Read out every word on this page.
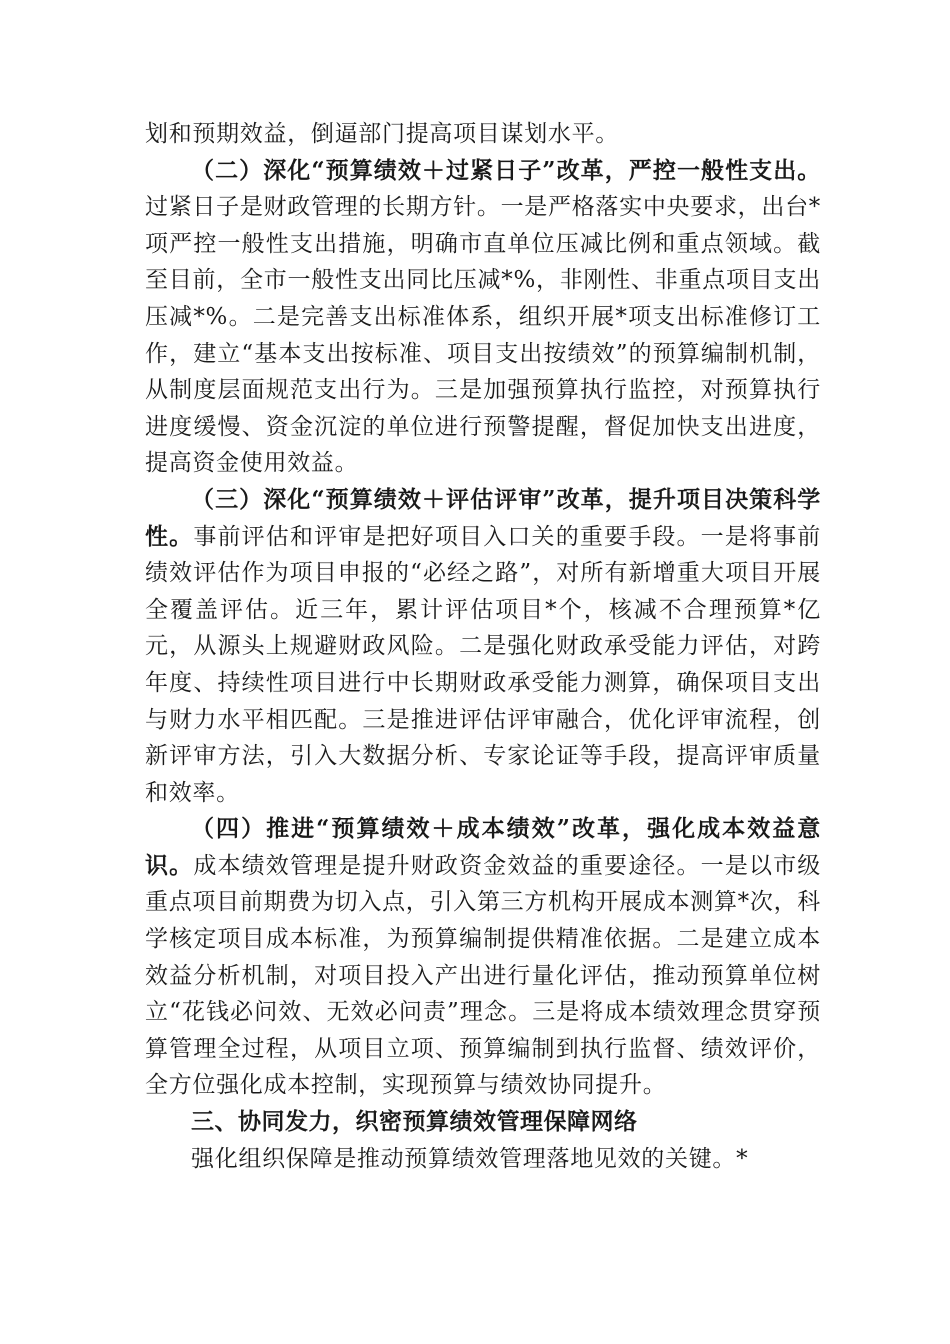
划和预期效益，倒逼部门提高项目谋划水平。

（二）深化“预算绩效＋过紧日子”改革，严控一般性支出。过紧日子是财政管理的长期方针。一是严格落实中央要求，出台*项严控一般性支出措施，明确市直单位压减比例和重点领域。截至目前，全市一般性支出同比压减*%，非刚性、非重点项目支出压减*%。二是完善支出标准体系，组织开展*项支出标准修订工作，建立“基本支出按标准、项目支出按绩效”的预算编制机制，从制度层面规范支出行为。三是加强预算执行监控，对预算执行进度缓慢、资金沉淀的单位进行预警提醒，督促加快支出进度，提高资金使用效益。

（三）深化“预算绩效＋评估评审”改革，提升项目决策科学性。事前评估和评审是把好项目入口关的重要手段。一是将事前绩效评估作为项目申报的“必经之路”，对所有新增重大项目开展全覆盖评估。近三年，累计评估项目*个，核减不合理预算*亿元，从源头上规避财政风险。二是强化财政承受能力评估，对跨年度、持续性项目进行中长期财政承受能力测算，确保项目支出与财力水平相匹配。三是推进评估评审融合，优化评审流程，创新评审方法，引入大数据分析、专家论证等手段，提高评审质量和效率。

（四）推进“预算绩效＋成本绩效”改革，强化成本效益意识。成本绩效管理是提升财政资金效益的重要途径。一是以市级重点项目前期费为切入点，引入第三方机构开展成本测算*次，科学核定项目成本标准，为预算编制提供精准依据。二是建立成本效益分析机制，对项目投入产出进行量化评估，推动预算单位树立“花钱必问效、无效必问责”理念。三是将成本绩效理念贯穿预算管理全过程，从项目立项、预算编制到执行监督、绩效评价，全方位强化成本控制，实现预算与绩效协同提升。

三、协同发力，织密预算绩效管理保障网络

强化组织保障是推动预算绩效管理落地见效的关键。*
